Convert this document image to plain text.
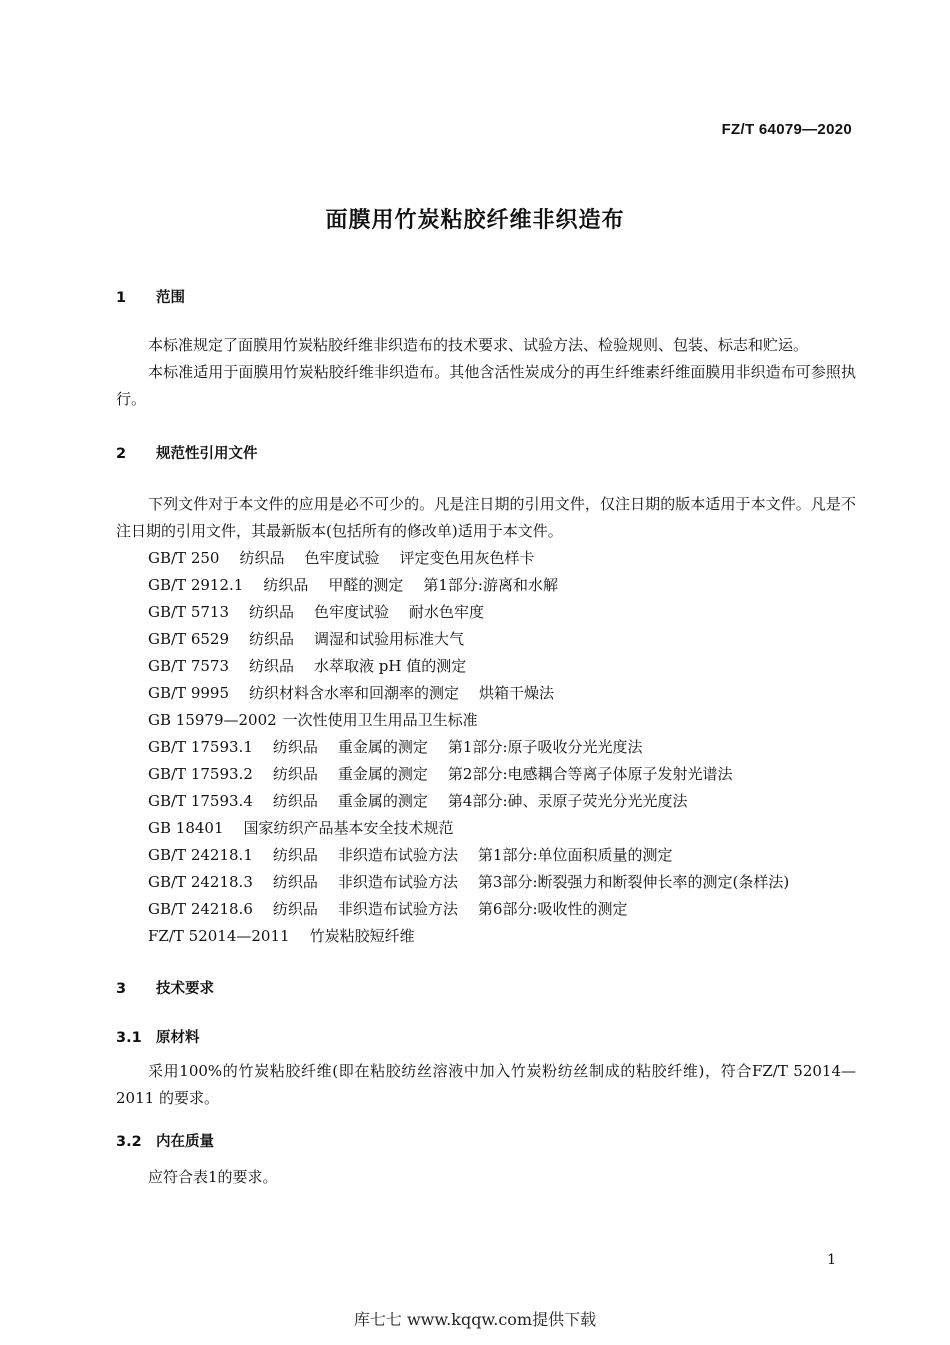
FZ/T 64079—2020
面膜用竹炭粘胶纤维非织造布
1 范围
本标准规定了面膜用竹炭粘胶纤维非织造布的技术要求、试验方法、检验规则、包装、标志和贮运。
本标准适用于面膜用竹炭粘胶纤维非织造布。其他含活性炭成分的再生纤维素纤维面膜用非织造布可参照执行。
2 规范性引用文件
下列文件对于本文件的应用是必不可少的。凡是注日期的引用文件，仅注日期的版本适用于本文件。凡是不注日期的引用文件，其最新版本(包括所有的修改单)适用于本文件。
GB/T 250 纺织品 色牢度试验 评定变色用灰色样卡
GB/T 2912.1 纺织品 甲醛的测定 第1部分:游离和水解
GB/T 5713 纺织品 色牢度试验 耐水色牢度
GB/T 6529 纺织品 调湿和试验用标准大气
GB/T 7573 纺织品 水萃取液 pH 值的测定
GB/T 9995 纺织材料含水率和回潮率的测定 烘箱干燥法
GB 15979—2002 一次性使用卫生用品卫生标准
GB/T 17593.1 纺织品 重金属的测定 第1部分:原子吸收分光光度法
GB/T 17593.2 纺织品 重金属的测定 第2部分:电感耦合等离子体原子发射光谱法
GB/T 17593.4 纺织品 重金属的测定 第4部分:砷、汞原子荧光分光光度法
GB 18401 国家纺织产品基本安全技术规范
GB/T 24218.1 纺织品 非织造布试验方法 第1部分:单位面积质量的测定
GB/T 24218.3 纺织品 非织造布试验方法 第3部分:断裂强力和断裂伸长率的测定(条样法)
GB/T 24218.6 纺织品 非织造布试验方法 第6部分:吸收性的测定
FZ/T 52014—2011 竹炭粘胶短纤维
3 技术要求
3.1 原材料
采用100%的竹炭粘胶纤维(即在粘胶纺丝溶液中加入竹炭粉纺丝制成的粘胶纤维)，符合FZ/T 52014—2011 的要求。
3.2 内在质量
应符合表1的要求。
1
库七七 www.kqqw.com提供下载
